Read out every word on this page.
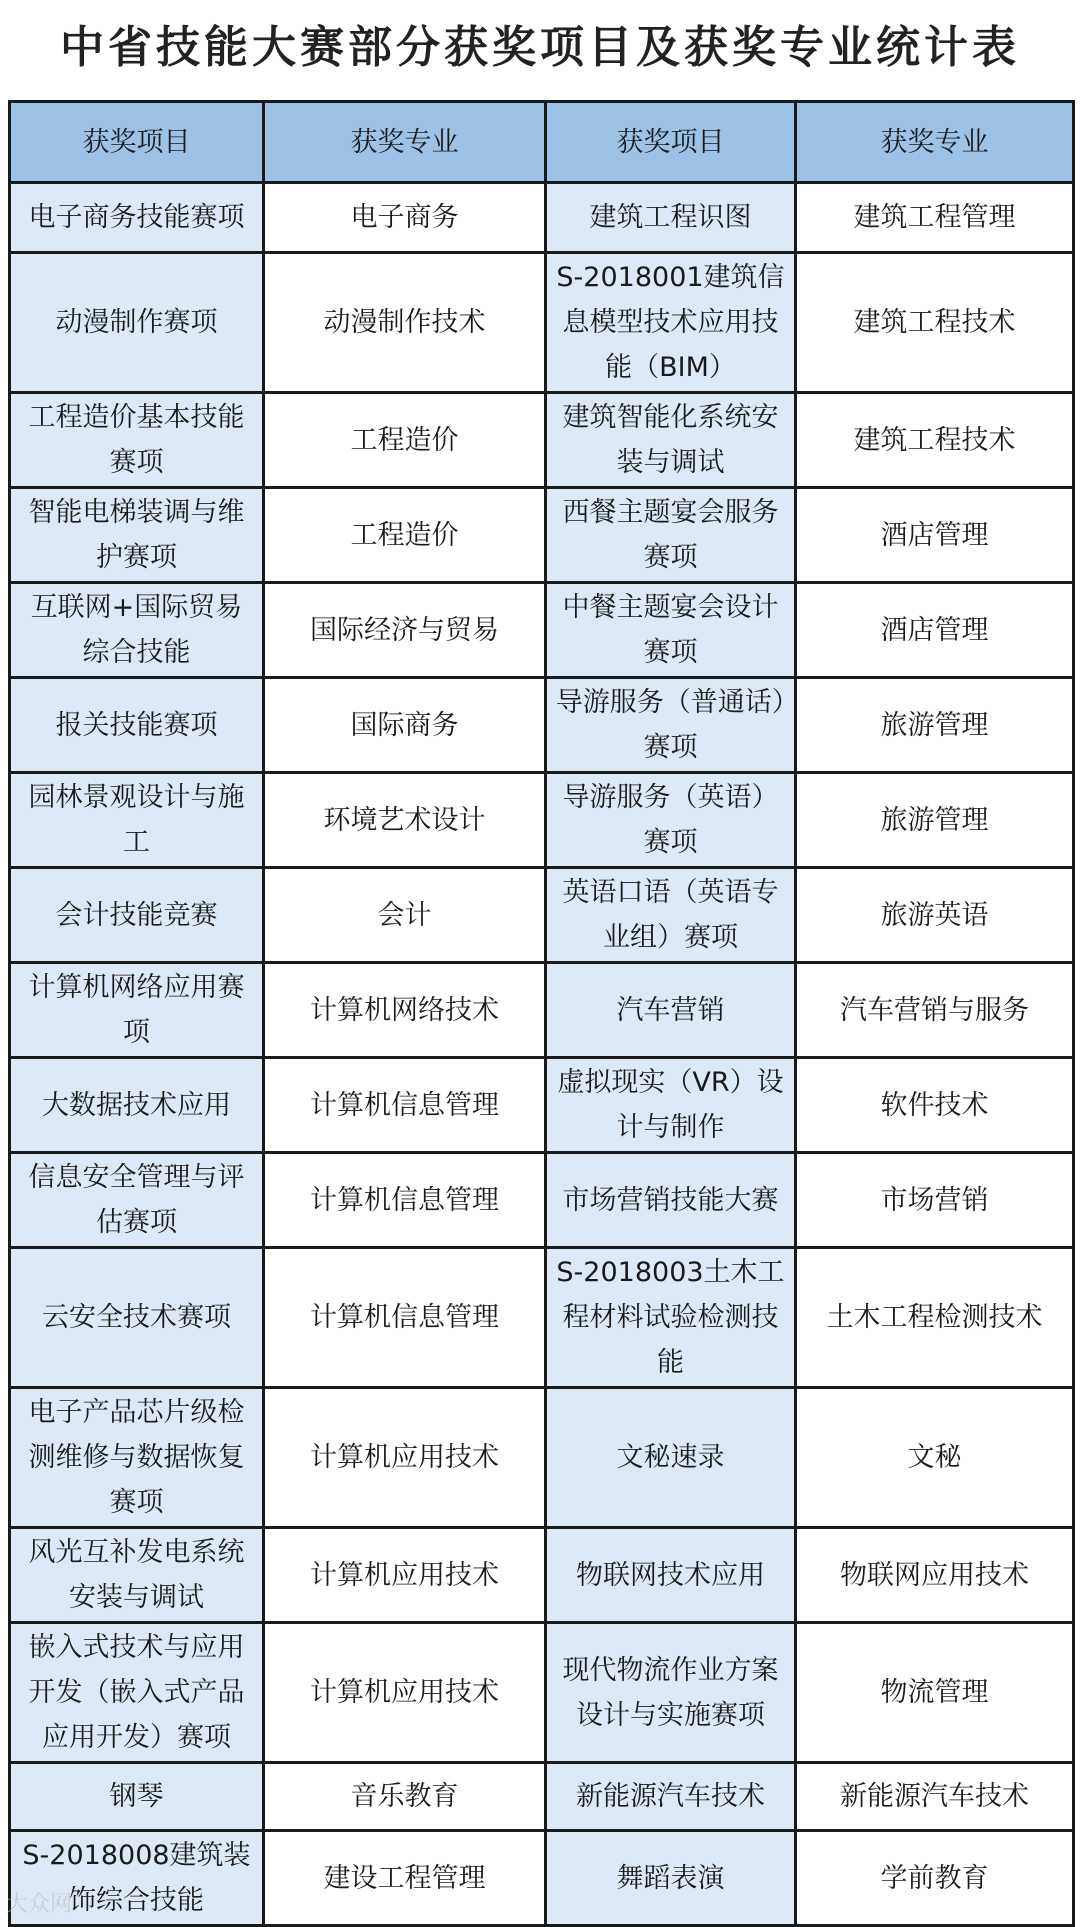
中省技能大赛部分获奖项目及获奖专业统计表
获奖项目	获奖专业	获奖项目	获奖专业
电子商务技能赛项	电子商务	建筑工程识图	建筑工程管理
动漫制作赛项	动漫制作技术	S-2018001建筑信息模型技术应用技能（BIM）	建筑工程技术
工程造价基本技能赛项	工程造价	建筑智能化系统安装与调试	建筑工程技术
智能电梯装调与维护赛项	工程造价	西餐主题宴会服务赛项	酒店管理
互联网+国际贸易综合技能	国际经济与贸易	中餐主题宴会设计赛项	酒店管理
报关技能赛项	国际商务	导游服务（普通话）赛项	旅游管理
园林景观设计与施工	环境艺术设计	导游服务（英语）赛项	旅游管理
会计技能竞赛	会计	英语口语（英语专业组）赛项	旅游英语
计算机网络应用赛项	计算机网络技术	汽车营销	汽车营销与服务
大数据技术应用	计算机信息管理	虚拟现实（VR）设计与制作	软件技术
信息安全管理与评估赛项	计算机信息管理	市场营销技能大赛	市场营销
云安全技术赛项	计算机信息管理	S-2018003土木工程材料试验检测技能	土木工程检测技术
电子产品芯片级检测维修与数据恢复赛项	计算机应用技术	文秘速录	文秘
风光互补发电系统安装与调试	计算机应用技术	物联网技术应用	物联网应用技术
嵌入式技术与应用开发（嵌入式产品应用开发）赛项	计算机应用技术	现代物流作业方案设计与实施赛项	物流管理
钢琴	音乐教育	新能源汽车技术	新能源汽车技术
S-2018008建筑装饰综合技能	建设工程管理	舞蹈表演	学前教育
大众网
